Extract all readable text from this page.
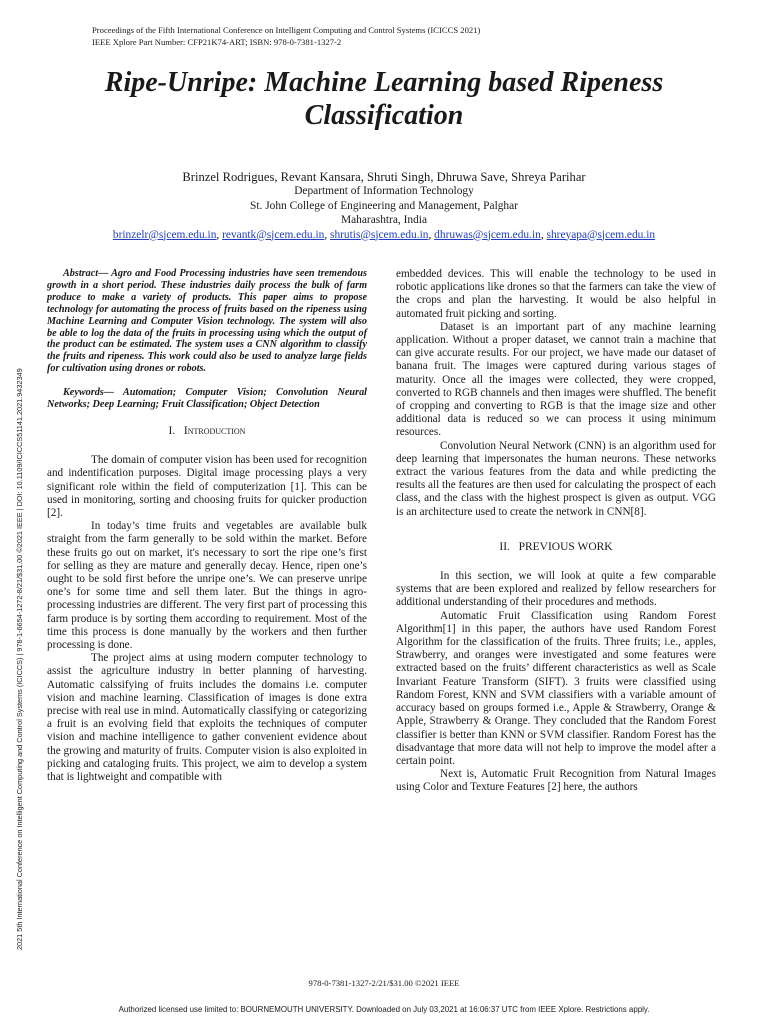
Proceedings of the Fifth International Conference on Intelligent Computing and Control Systems (ICICCS 2021)
IEEE Xplore Part Number: CFP21K74-ART; ISBN: 978-0-7381-1327-2
Ripe-Unripe: Machine Learning based Ripeness Classification
Brinzel Rodrigues, Revant Kansara, Shruti Singh, Dhruwa Save, Shreya Parihar
Department of Information Technology
St. John College of Engineering and Management, Palghar
Maharashtra, India
brinzelr@sjcem.edu.in, revantk@sjcem.edu.in, shrutis@sjcem.edu.in, dhruwas@sjcem.edu.in, shreyapa@sjcem.edu.in
2021 5th International Conference on Intelligent Computing and Control Systems (ICICCS) | 978-1-6654-1272-8/21/$31.00 ©2021 IEEE | DOI: 10.1109/ICICCS51141.2021.9432349

Abstract— Agro and Food Processing industries have seen tremendous growth in a short period. These industries daily process the bulk of farm produce to make a variety of products. This paper aims to propose technology for automating the process of fruits based on the ripeness using Machine Learning and Computer Vision technology. The system will also be able to log the data of the fruits in processing using which the output of the product can be estimated. The system uses a CNN algorithm to classify the fruits and ripeness. This work could also be used to analyze large fields for cultivation using drones or robots.

Keywords— Automation; Computer Vision; Convolution Neural Networks; Deep Learning; Fruit Classification; Object Detection

I. Introduction

The domain of computer vision has been used for recognition and indentification purposes. Digital image processing plays a very significant role within the field of computerization [1]. This can be used in monitoring, sorting and choosing fruits for quicker production [2].

In today’s time fruits and vegetables are available bulk straight from the farm generally to be sold within the market. Before these fruits go out on market, it's necessary to sort the ripe one’s first for selling as they are mature and generally decay. Hence, ripen one’s ought to be sold first before the unripe one’s. We can preserve unripe one’s for some time and sell them later. But the things in agro-processing industries are different. The very first part of processing this farm produce is by sorting them according to requirement. Most of the time this process is done manually by the workers and then further processing is done.

The project aims at using modern computer technology to assist the agriculture industry in better planning of harvesting. Automatic calssifying of fruits includes the domains i.e. computer vision and machine learning. Classification of images is done extra precise with real use in mind. Automatically classifying or categorizing a fruit is an evolving field that exploits the techniques of computer vision and machine intelligence to gather convenient evidence about the growing and maturity of fruits. Computer vision is also exploited in picking and cataloging fruits. This project, we aim to develop a system that is lightweight and compatible with

embedded devices. This will enable the technology to be used in robotic applications like drones so that the farmers can take the view of the crops and plan the harvesting. It would be also helpful in automated fruit picking and sorting.

Dataset is an important part of any machine learning application. Without a proper dataset, we cannot train a machine that can give accurate results. For our project, we have made our dataset of banana fruit. The images were captured during various stages of maturity. Once all the images were collected, they were cropped, converted to RGB channels and then images were shuffled. The benefit of cropping and converting to RGB is that the image size and other additional data is reduced so we can process it using minimum resources.

Convolution Neural Network (CNN) is an algorithm used for deep learning that impersonates the human neurons. These networks extract the various features from the data and while predicting the results all the features are then used for calculating the prospect of each class, and the class with the highest prospect is given as output. VGG is an architecture used to create the network in CNN[8].

II. PREVIOUS WORK

In this section, we will look at quite a few comparable systems that are been explored and realized by fellow researchers for additional understanding of their procedures and methods.

Automatic Fruit Classification using Random Forest Algorithm[1] in this paper, the authors have used Random Forest Algorithm for the classification of the fruits. Three fruits; i.e., apples, Strawberry, and oranges were investigated and some features were extracted based on the fruits’ different characteristics as well as Scale Invariant Feature Transform (SIFT). 3 fruits were classified using Random Forest, KNN and SVM classifiers with a variable amount of accuracy based on groups formed i.e., Apple & Strawberry, Orange & Apple, Strawberry & Orange. They concluded that the Random Forest classifier is better than KNN or SVM classifier. Random Forest has the disadvantage that more data will not help to improve the model after a certain point.

Next is, Automatic Fruit Recognition from Natural Images using Color and Texture Features [2] here, the authors

978-0-7381-1327-2/21/$31.00 ©2021 IEEE
Authorized licensed use limited to: BOURNEMOUTH UNIVERSITY. Downloaded on July 03,2021 at 16:06:37 UTC from IEEE Xplore. Restrictions apply.
